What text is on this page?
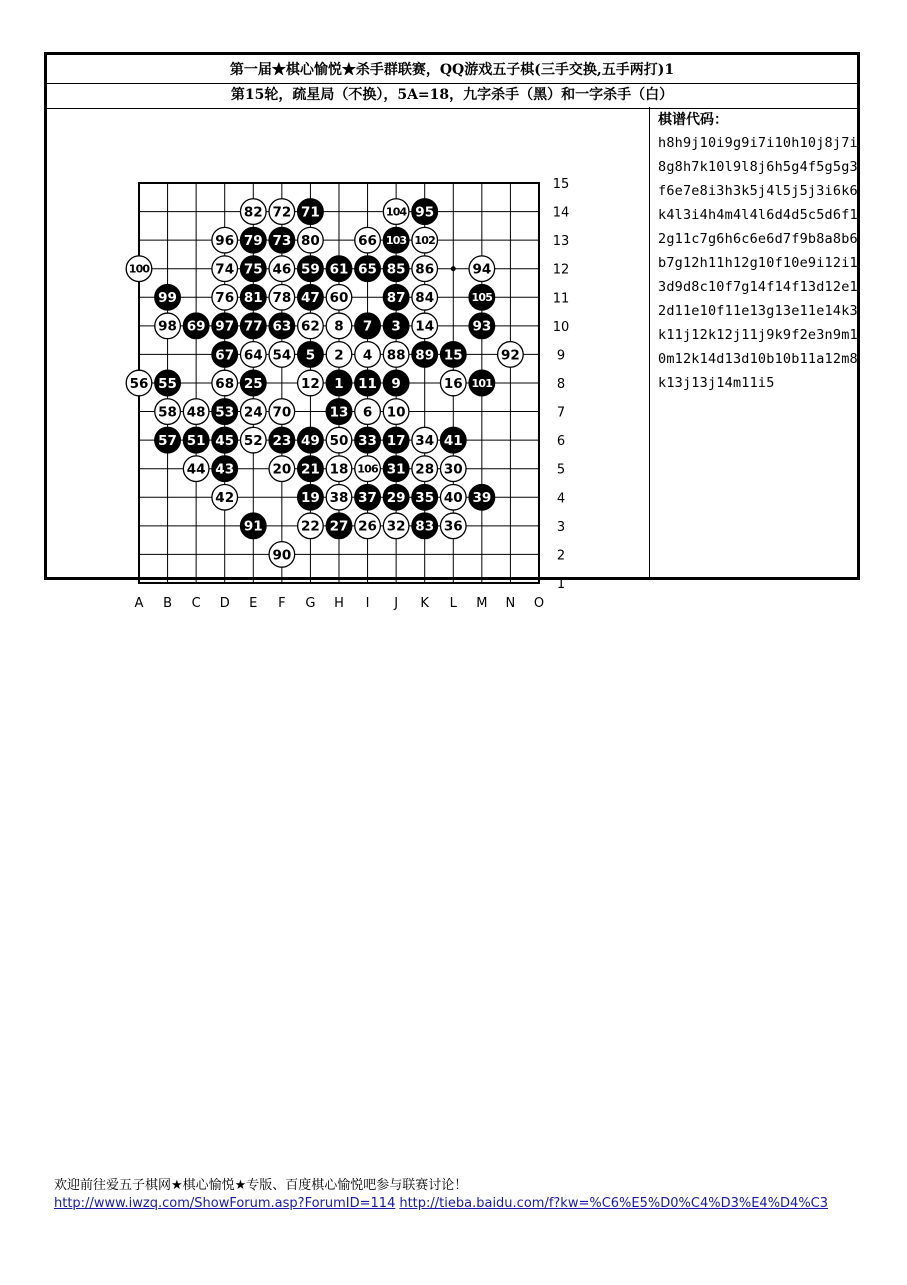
第一届★棋心愉悦★杀手群联赛，QQ游戏五子棋(三手交换,五手两打)1
第15轮，疏星局（不换），5A=18，九字杀手（黑）和一字杀手（白）
A B C D E F G H I J K L M N O
15
14
13
12
11
10
9
8
7
6
5
4
3
2
1
82 72 71	104 95
96 79 73 80	66 103 102
100	74 75 46 59 61 65 85 86	94
99	76 81 78 47 60	87 84	105
98 69 97 77 63 62 8 7 3 14	93
67 64 54 5 2 4 88 89 15	92
56 55	68 25	12 1 11 9	16 101
58 48 53 24 70	13 6 10
57 51 45 52 23 49 50 33 17 34 41
44 43	20 21 18 106 31 28 30
42	19 38 37 29 35 40 39
91	22 27 26 32 83 36
90
棋谱代码：
h8h9j10i9g9i7i10h10j8j7i
8g8h7k10l9l8j6h5g4f5g5g3
f6e7e8i3h3k5j4l5j5j3i6k6
k4l3i4h4m4l4l6d4d5c5d6f1
2g11c7g6h6c6e6d7f9b8a8b6
b7g12h11h12g10f10e9i12i1
3d9d8c10f7g14f14f13d12e1
2d11e10f11e13g13e11e14k3
k11j12k12j11j9k9f2e3n9m1
0m12k14d13d10b10b11a12m8
k13j13j14m11i5
欢迎前往爱五子棋网★棋心愉悦★专版、百度棋心愉悦吧参与联赛讨论！
http://www.iwzq.com/ShowForum.asp?ForumID=114 http://tieba.baidu.com/f?kw=%C6%E5%D0%C4%D3%E4%D4%C3
